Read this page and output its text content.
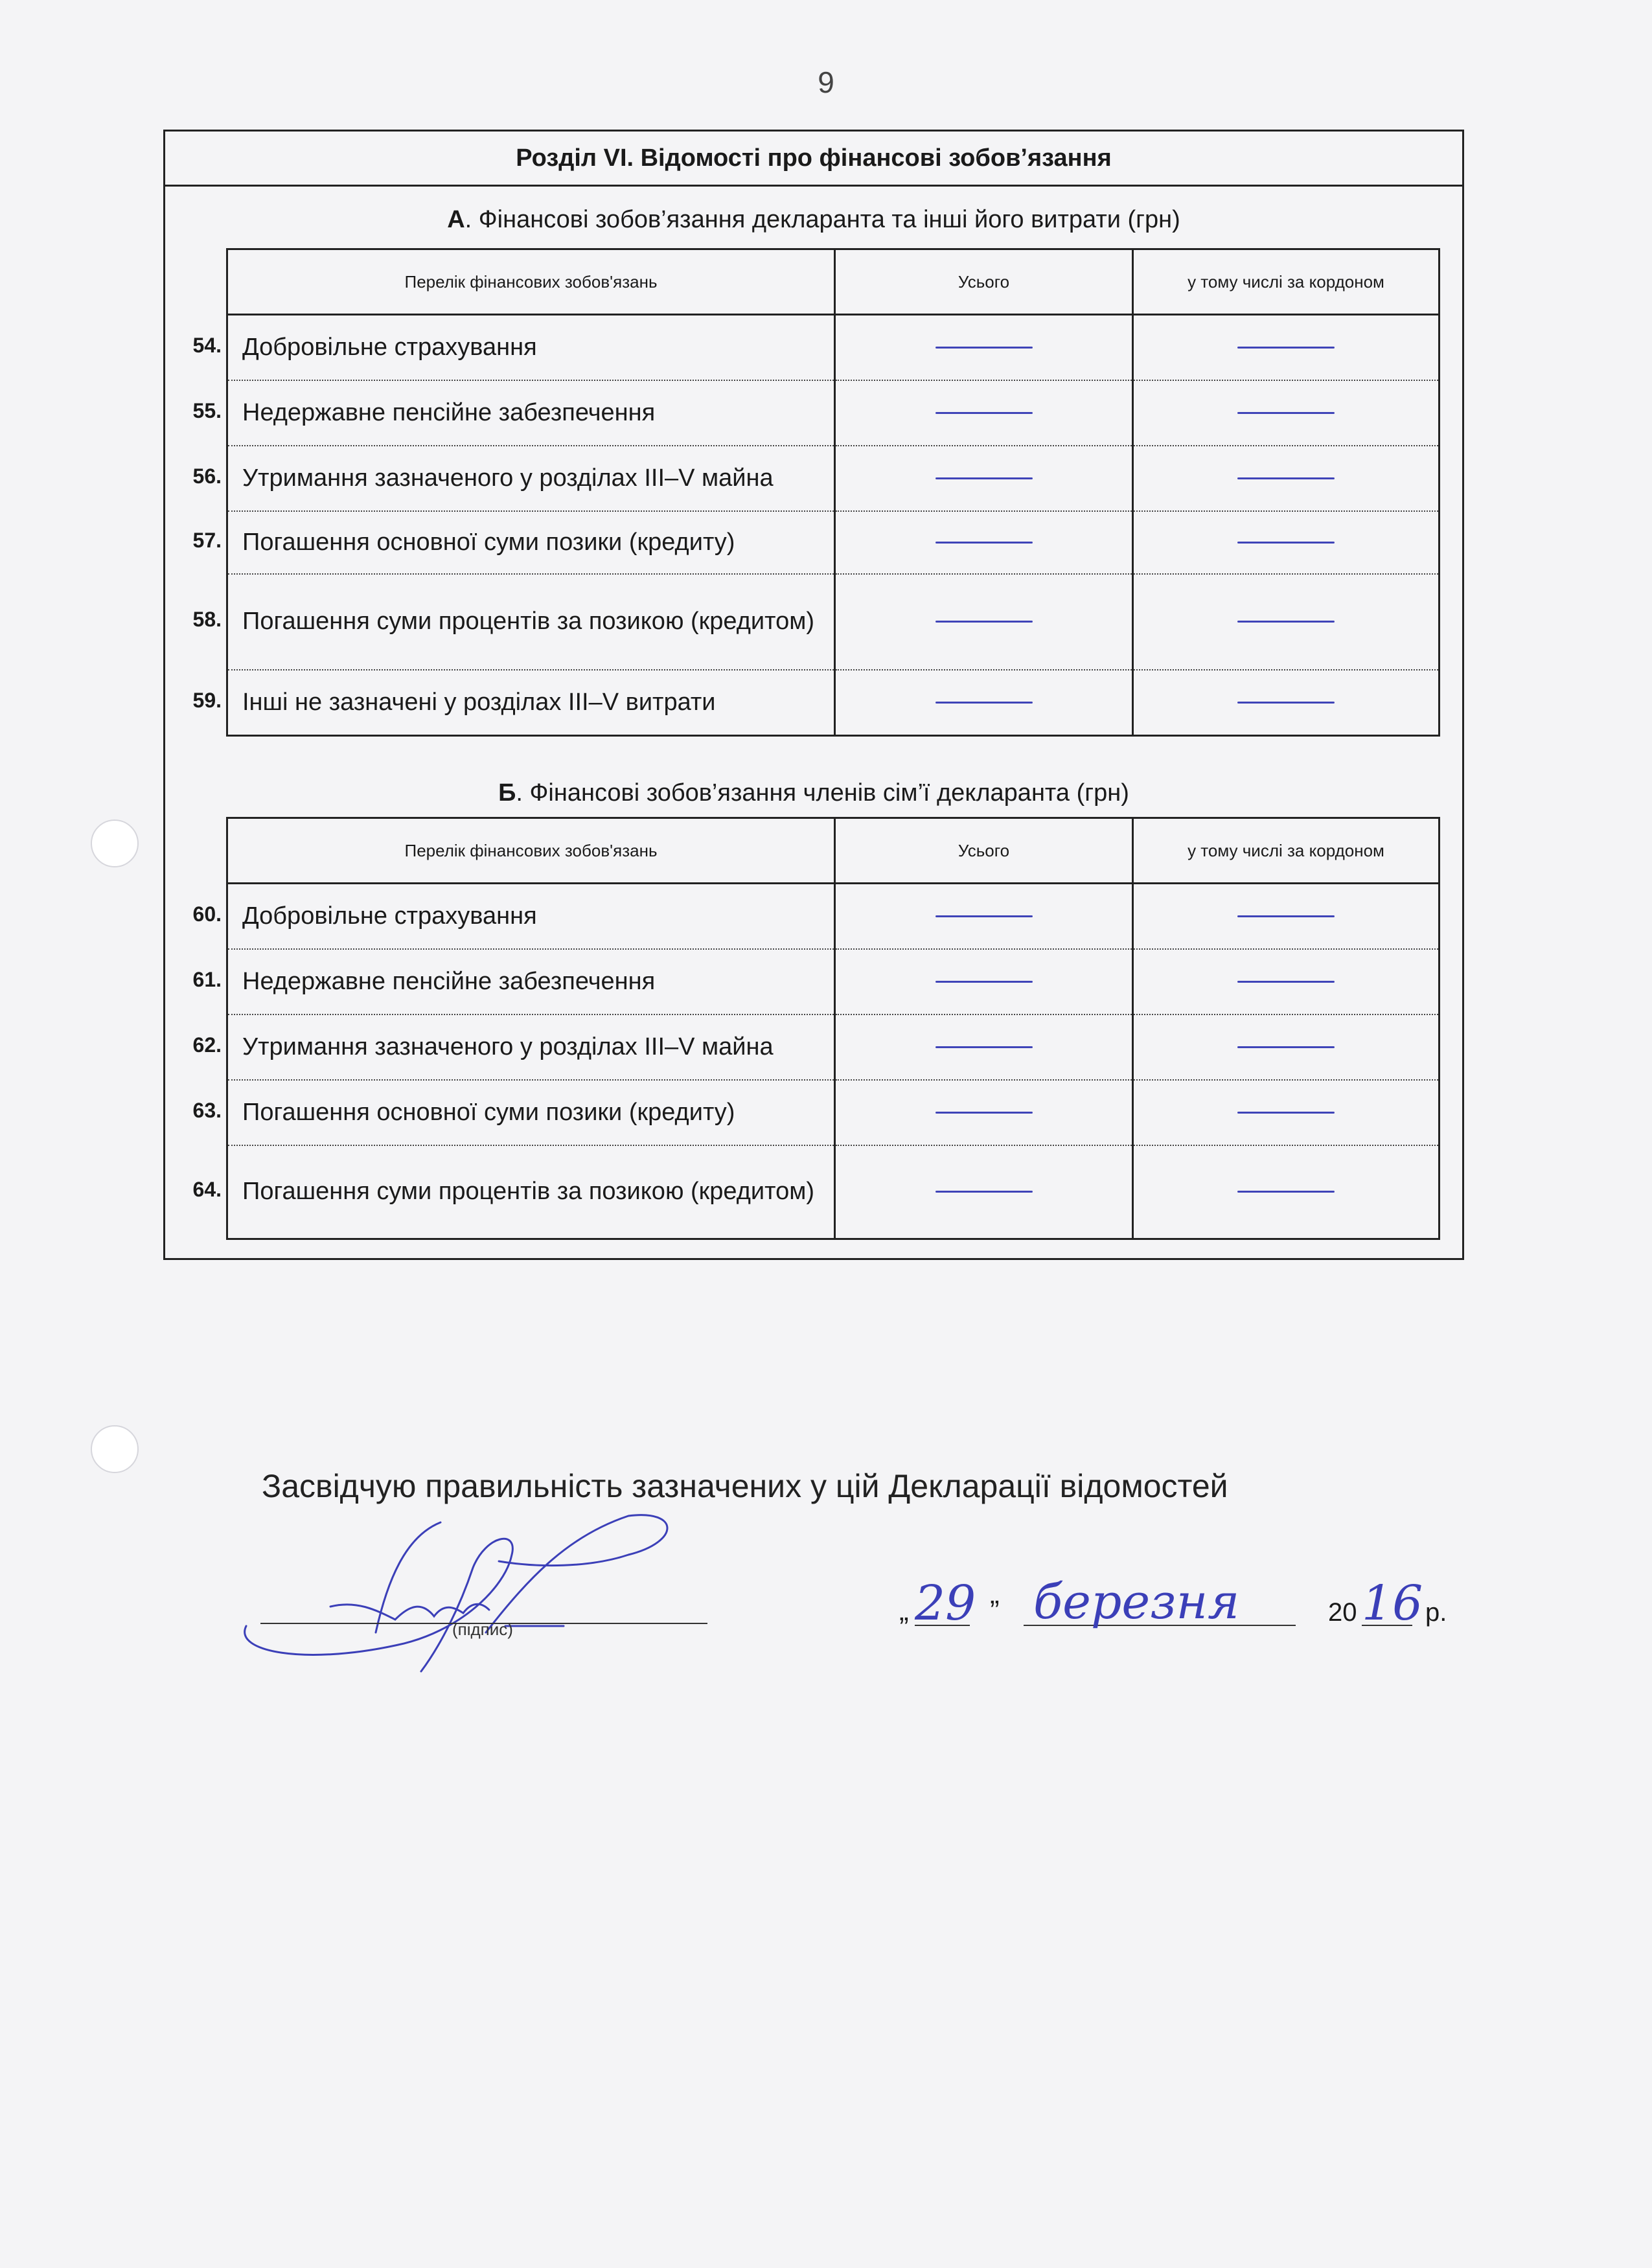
9
Розділ VI. Відомості про фінансові зобов’язання
А. Фінансові зобов’язання декларанта та інші його витрати (грн)
Перелік фінансових зобов'язань	Усього	у тому числі за кордоном

54. Добровільне страхування	

55. Недержавне пенсійне забезпечення	

56. Утримання зазначеного у розділах III–V майна	

57. Погашення основної суми позики (кредиту)	

58. Погашення суми процентів за позикою (кредитом)	

59. Інші не зазначені у розділах III–V витрати	

Б. Фінансові зобов’язання членів сім’ї декларанта (грн)
Перелік фінансових зобов'язань	Усього	у тому числі за кордоном

60. Добровільне страхування	

61. Недержавне пенсійне забезпечення	

62. Утримання зазначеного у розділах III–V майна	

63. Погашення основної суми позики (кредиту)	

64. Погашення суми процентів за позикою (кредитом)	

Засвідчую правильність зазначених у цій Декларації відомостей
(підпис)
„ 29 ” березня	20 16 р.
